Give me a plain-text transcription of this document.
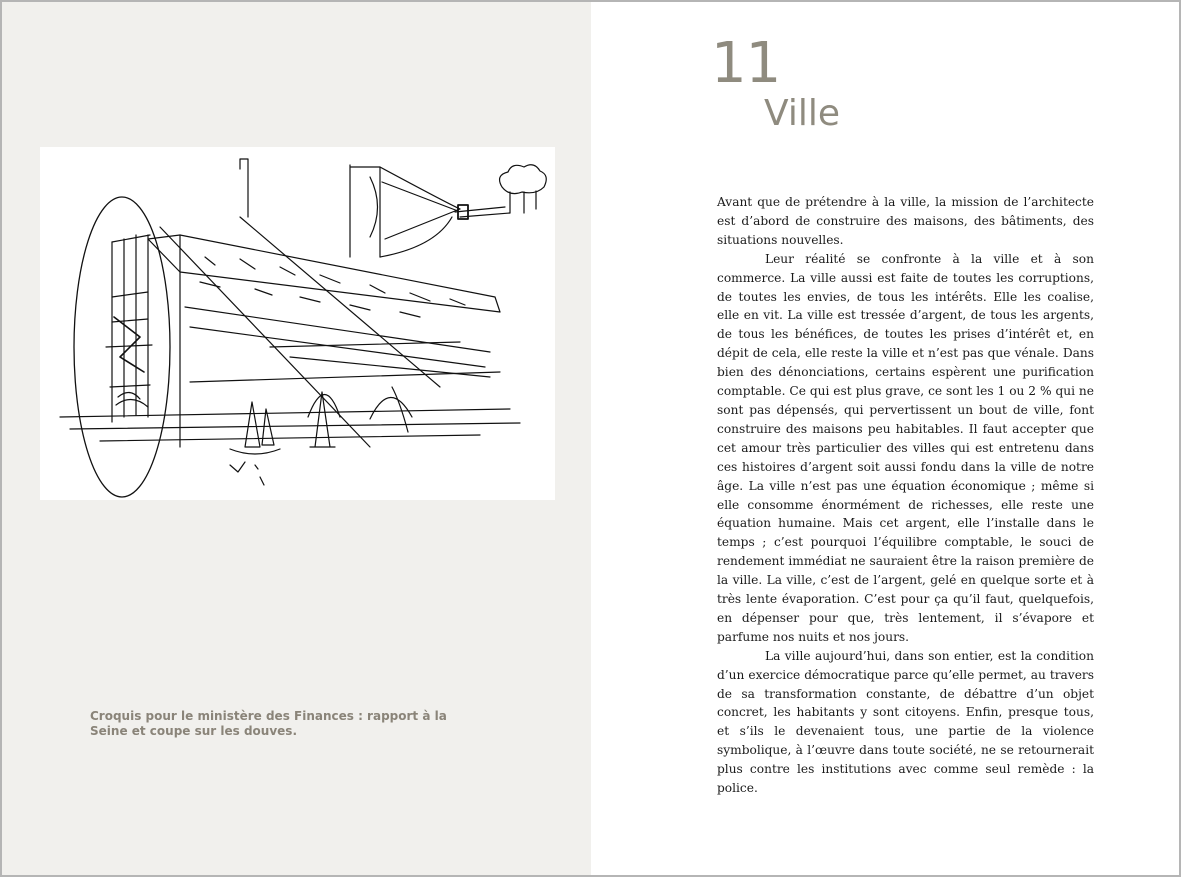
Croquis pour le ministère des Finances : rapport à la Seine et coupe sur les douves.

11
Ville

Avant que de prétendre à la ville, la mission de l’architecte est d’abord de construire des maisons, des bâtiments, des situations nouvelles.

Leur réalité se confronte à la ville et à son commerce. La ville aussi est faite de toutes les corruptions, de toutes les envies, de tous les intérêts. Elle les coalise, elle en vit. La ville est tressée d’argent, de tous les argents, de tous les bénéfices, de toutes les prises d’intérêt et, en dépit de cela, elle reste la ville et n’est pas que vénale. Dans bien des dénonciations, certains espèrent une purification comptable. Ce qui est plus grave, ce sont les 1 ou 2 % qui ne sont pas dépensés, qui pervertissent un bout de ville, font construire des maisons peu habitables. Il faut accepter que cet amour très particulier des villes qui est entretenu dans ces histoires d’argent soit aussi fondu dans la ville de notre âge. La ville n’est pas une équation économique ; même si elle consomme énormément de richesses, elle reste une équation humaine. Mais cet argent, elle l’installe dans le temps ; c’est pourquoi l’équilibre comptable, le souci de rendement immédiat ne sauraient être la raison première de la ville. La ville, c’est de l’argent, gelé en quelque sorte et à très lente évaporation. C’est pour ça qu’il faut, quelquefois, en dépenser pour que, très lentement, il s’évapore et parfume nos nuits et nos jours.

La ville aujourd’hui, dans son entier, est la condition d’un exercice démocratique parce qu’elle permet, au travers de sa transformation constante, de débattre d’un objet concret, les habitants y sont citoyens. Enfin, presque tous, et s’ils le devenaient tous, une partie de la violence symbolique, à l’œuvre dans toute société, ne se retournerait plus contre les institutions avec comme seul remède : la police.
